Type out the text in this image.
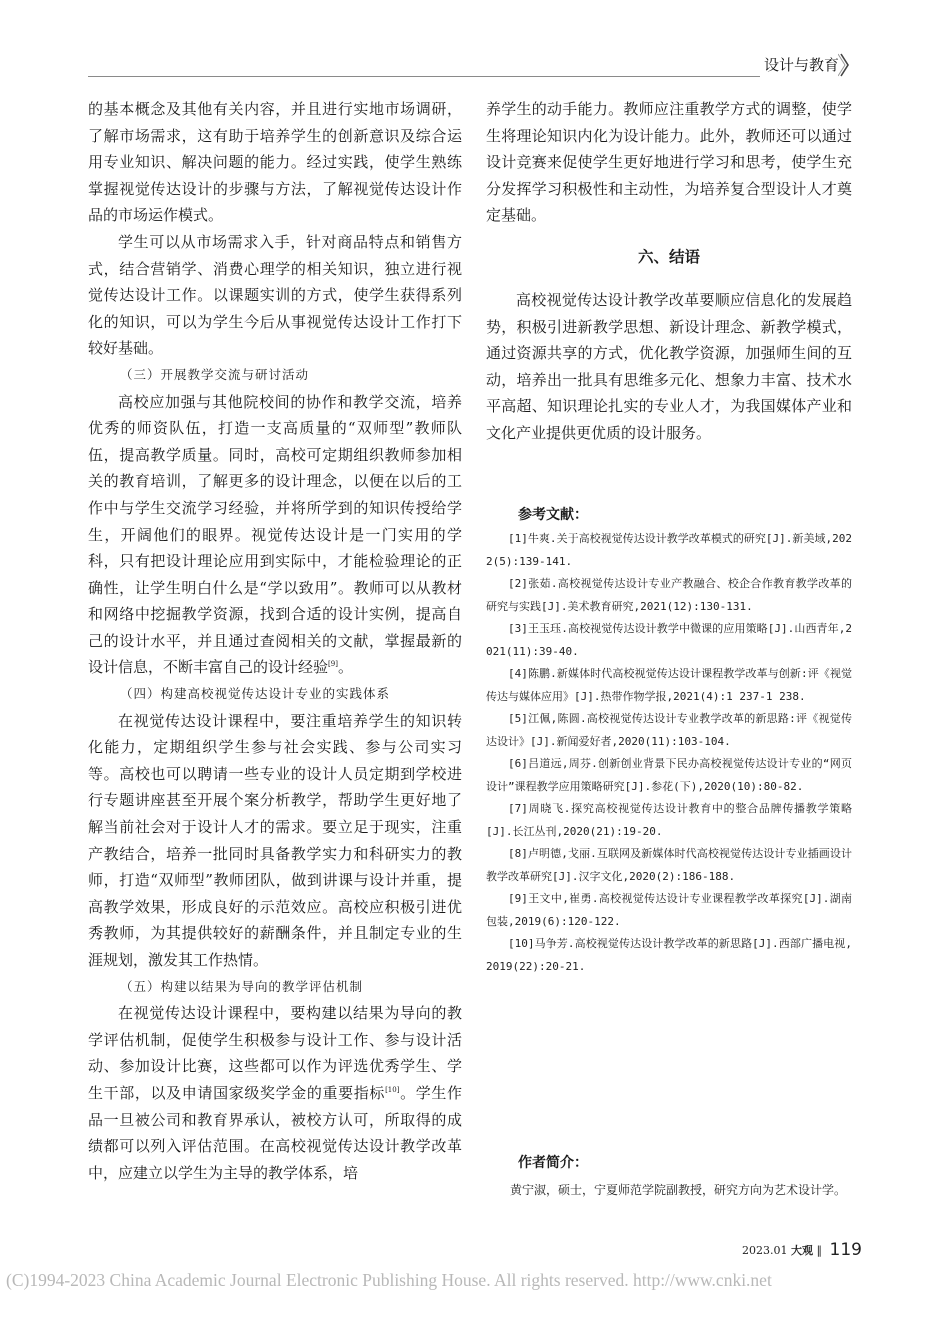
设计与教育

的基本概念及其他有关内容，并且进行实地市场调研，了解市场需求，这有助于培养学生的创新意识及综合运用专业知识、解决问题的能力。经过实践，使学生熟练掌握视觉传达设计的步骤与方法，了解视觉传达设计作品的市场运作模式。

学生可以从市场需求入手，针对商品特点和销售方式，结合营销学、消费心理学的相关知识，独立进行视觉传达设计工作。以课题实训的方式，使学生获得系列化的知识，可以为学生今后从事视觉传达设计工作打下较好基础。

（三）开展教学交流与研讨活动

高校应加强与其他院校间的协作和教学交流，培养优秀的师资队伍，打造一支高质量的“双师型”教师队伍，提高教学质量。同时，高校可定期组织教师参加相关的教育培训，了解更多的设计理念，以便在以后的工作中与学生交流学习经验，并将所学到的知识传授给学生，开阔他们的眼界。视觉传达设计是一门实用的学科，只有把设计理论应用到实际中，才能检验理论的正确性，让学生明白什么是“学以致用”。教师可以从教材和网络中挖掘教学资源，找到合适的设计实例，提高自己的设计水平，并且通过查阅相关的文献，掌握最新的设计信息，不断丰富自己的设计经验[9]。

（四）构建高校视觉传达设计专业的实践体系

在视觉传达设计课程中，要注重培养学生的知识转化能力，定期组织学生参与社会实践、参与公司实习等。高校也可以聘请一些专业的设计人员定期到学校进行专题讲座甚至开展个案分析教学，帮助学生更好地了解当前社会对于设计人才的需求。要立足于现实，注重产教结合，培养一批同时具备教学实力和科研实力的教师，打造“双师型”教师团队，做到讲课与设计并重，提高教学效果，形成良好的示范效应。高校应积极引进优秀教师，为其提供较好的薪酬条件，并且制定专业的生涯规划，激发其工作热情。

（五）构建以结果为导向的教学评估机制

在视觉传达设计课程中，要构建以结果为导向的教学评估机制，促使学生积极参与设计工作、参与设计活动、参加设计比赛，这些都可以作为评选优秀学生、学生干部，以及申请国家级奖学金的重要指标[10]。学生作品一旦被公司和教育界承认，被校方认可，所取得的成绩都可以列入评估范围。在高校视觉传达设计教学改革中，应建立以学生为主导的教学体系，培

养学生的动手能力。教师应注重教学方式的调整，使学生将理论知识内化为设计能力。此外，教师还可以通过设计竞赛来促使学生更好地进行学习和思考，使学生充分发挥学习积极性和主动性，为培养复合型设计人才奠定基础。

六、结语

高校视觉传达设计教学改革要顺应信息化的发展趋势，积极引进新教学思想、新设计理念、新教学模式，通过资源共享的方式，优化教学资源，加强师生间的互动，培养出一批具有思维多元化、想象力丰富、技术水平高超、知识理论扎实的专业人才，为我国媒体产业和文化产业提供更优质的设计服务。

参考文献：

[1]牛爽.关于高校视觉传达设计教学改革模式的研究[J].新美域,2022(5):139-141.

[2]张茹.高校视觉传达设计专业产教融合、校企合作教育教学改革的研究与实践[J].美术教育研究,2021(12):130-131.

[3]王玉珏.高校视觉传达设计教学中微课的应用策略[J].山西青年,2021(11):39-40.

[4]陈鹏.新媒体时代高校视觉传达设计课程教学改革与创新:评《视觉传达与媒体应用》[J].热带作物学报,2021(4):1 237-1 238.

[5]江佩,陈圆.高校视觉传达设计专业教学改革的新思路:评《视觉传达设计》[J].新闻爱好者,2020(11):103-104.

[6]吕道远,周芬.创新创业背景下民办高校视觉传达设计专业的“网页设计”课程教学应用策略研究[J].参花(下),2020(10):80-82.

[7]周晓飞.探究高校视觉传达设计教育中的整合品牌传播教学策略[J].长江丛刊,2020(21):19-20.

[8]卢明德,戈丽.互联网及新媒体时代高校视觉传达设计专业插画设计教学改革研究[J].汉字文化,2020(2):186-188.

[9]王文中,崔勇.高校视觉传达设计专业课程教学改革探究[J].湖南包装,2019(6):120-122.

[10]马争芳.高校视觉传达设计教学改革的新思路[J].西部广播电视,2019(22):20-21.

作者简介：
黄宁淑，硕士，宁夏师范学院副教授，研究方向为艺术设计学。
2023.01 大观 ‖ 119
(C)1994-2023 China Academic Journal Electronic Publishing House. All rights reserved. http://www.cnki.net
